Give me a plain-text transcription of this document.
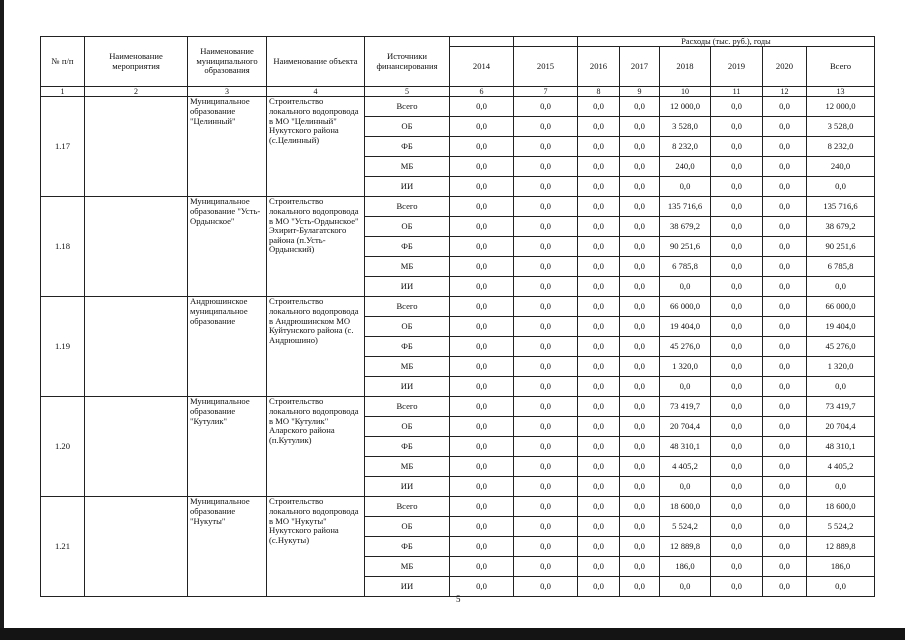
№ п/п	Наименование мероприятия	Наименование муниципального образования	Наименование объекта	Источники финансирования			Расходы (тыс. руб.), годы					
					2014	2015	2016	2017	2018	2019	2020	Всего
1	2	3	4	5	6	7	8	9	10	11	12	13
1.17		Муниципальное образование "Целинный"	Строительство локального водопровода в МО "Целинный" Нукутского района (с.Целинный)	Всего	0,0	0,0	0,0	0,0	12 000,0	0,0	0,0	12 000,0
				ОБ	0,0	0,0	0,0	0,0	3 528,0	0,0	0,0	3 528,0
				ФБ	0,0	0,0	0,0	0,0	8 232,0	0,0	0,0	8 232,0
				МБ	0,0	0,0	0,0	0,0	240,0	0,0	0,0	240,0
				ИИ	0,0	0,0	0,0	0,0	0,0	0,0	0,0	0,0
1.18		Муниципальное образование "Усть-Ордынское"	Строительство локального водопровода в МО "Усть-Ордынское" Эхирит-Булагатского района (п.Усть-Ордынский)	Всего	0,0	0,0	0,0	0,0	135 716,6	0,0	0,0	135 716,6
				ОБ	0,0	0,0	0,0	0,0	38 679,2	0,0	0,0	38 679,2
				ФБ	0,0	0,0	0,0	0,0	90 251,6	0,0	0,0	90 251,6
				МБ	0,0	0,0	0,0	0,0	6 785,8	0,0	0,0	6 785,8
				ИИ	0,0	0,0	0,0	0,0	0,0	0,0	0,0	0,0
1.19		Андрюшинское муниципальное образование	Строительство локального водопровода в Андрюшинском МО Куйтунского района (с. Андрюшино)	Всего	0,0	0,0	0,0	0,0	66 000,0	0,0	0,0	66 000,0
				ОБ	0,0	0,0	0,0	0,0	19 404,0	0,0	0,0	19 404,0
				ФБ	0,0	0,0	0,0	0,0	45 276,0	0,0	0,0	45 276,0
				МБ	0,0	0,0	0,0	0,0	1 320,0	0,0	0,0	1 320,0
				ИИ	0,0	0,0	0,0	0,0	0,0	0,0	0,0	0,0
1.20		Муниципальное образование "Кутулик"	Строительство локального водопровода в МО "Кутулик" Аларского района (п.Кутулик)	Всего	0,0	0,0	0,0	0,0	73 419,7	0,0	0,0	73 419,7
				ОБ	0,0	0,0	0,0	0,0	20 704,4	0,0	0,0	20 704,4
				ФБ	0,0	0,0	0,0	0,0	48 310,1	0,0	0,0	48 310,1
				МБ	0,0	0,0	0,0	0,0	4 405,2	0,0	0,0	4 405,2
				ИИ	0,0	0,0	0,0	0,0	0,0	0,0	0,0	0,0
1.21		Муниципальное образование "Нукуты"	Строительство локального водопровода в МО "Нукуты" Нукутского района (с.Нукуты)	Всего	0,0	0,0	0,0	0,0	18 600,0	0,0	0,0	18 600,0
				ОБ	0,0	0,0	0,0	0,0	5 524,2	0,0	0,0	5 524,2
				ФБ	0,0	0,0	0,0	0,0	12 889,8	0,0	0,0	12 889,8
				МБ	0,0	0,0	0,0	0,0	186,0	0,0	0,0	186,0
				ИИ	0,0	0,0	0,0	0,0	0,0	0,0	0,0	0,0
5
